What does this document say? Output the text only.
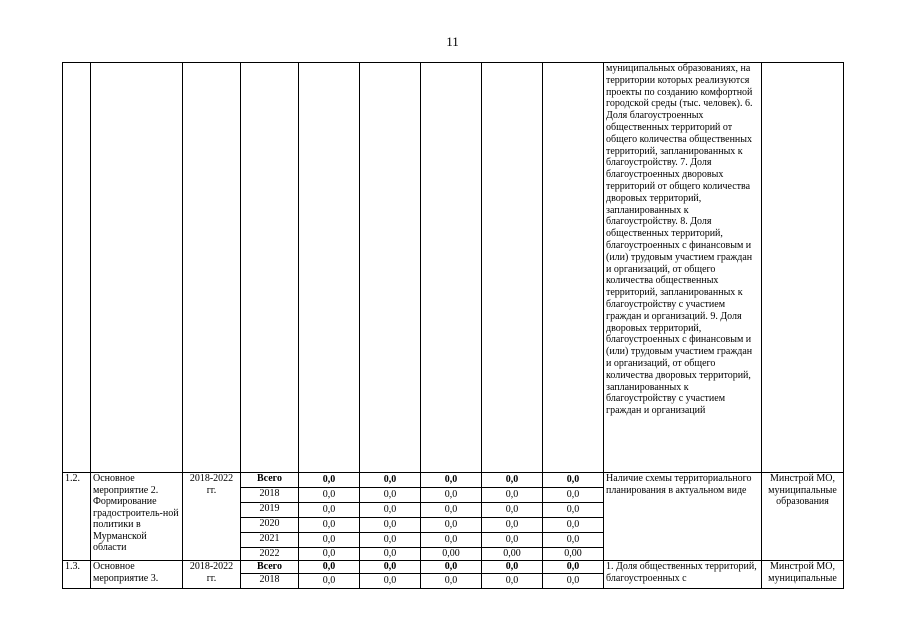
11
									муниципальных образованиях, на территории которых реализуются проекты по созданию комфортной городской среды (тыс. человек). 6. Доля благоустроенных общественных территорий от общего количества общественных территорий, запланированных к благоустройству. 7. Доля благоустроенных дворовых территорий от общего количества дворовых территорий, запланированных к благоустройству. 8. Доля общественных территорий, благоустроенных с финансовым и (или) трудовым участием граждан и организаций, от общего количества общественных территорий, запланированных к благоустройству с участием граждан и организаций. 9. Доля дворовых территорий, благоустроенных с финансовым и (или) трудовым участием граждан и организаций, от общего количества дворовых территорий, запланированных к благоустройству с участием граждан и организаций	
1.2.	Основное мероприятие 2. Формирование градостроитель-ной политики в Мурманской области	2018-2022 гг.	Всего	0,0	0,0	0,0	0,0	0,0	Наличие схемы территориального планирования в актуальном виде	Минстрой МО, муниципальные образования
			2018	0,0	0,0	0,0	0,0	0,0		
			2019	0,0	0,0	0,0	0,0	0,0		
			2020	0,0	0,0	0,0	0,0	0,0		
			2021	0,0	0,0	0,0	0,0	0,0		
			2022	0,0	0,0	0,00	0,00	0,00		
1.3.	Основное мероприятие 3.	2018-2022 гг.	Всего	0,0	0,0	0,0	0,0	0,0	1. Доля общественных территорий, благоустроенных с	Минстрой МО, муниципальные
			2018	0,0	0,0	0,0	0,0	0,0		
